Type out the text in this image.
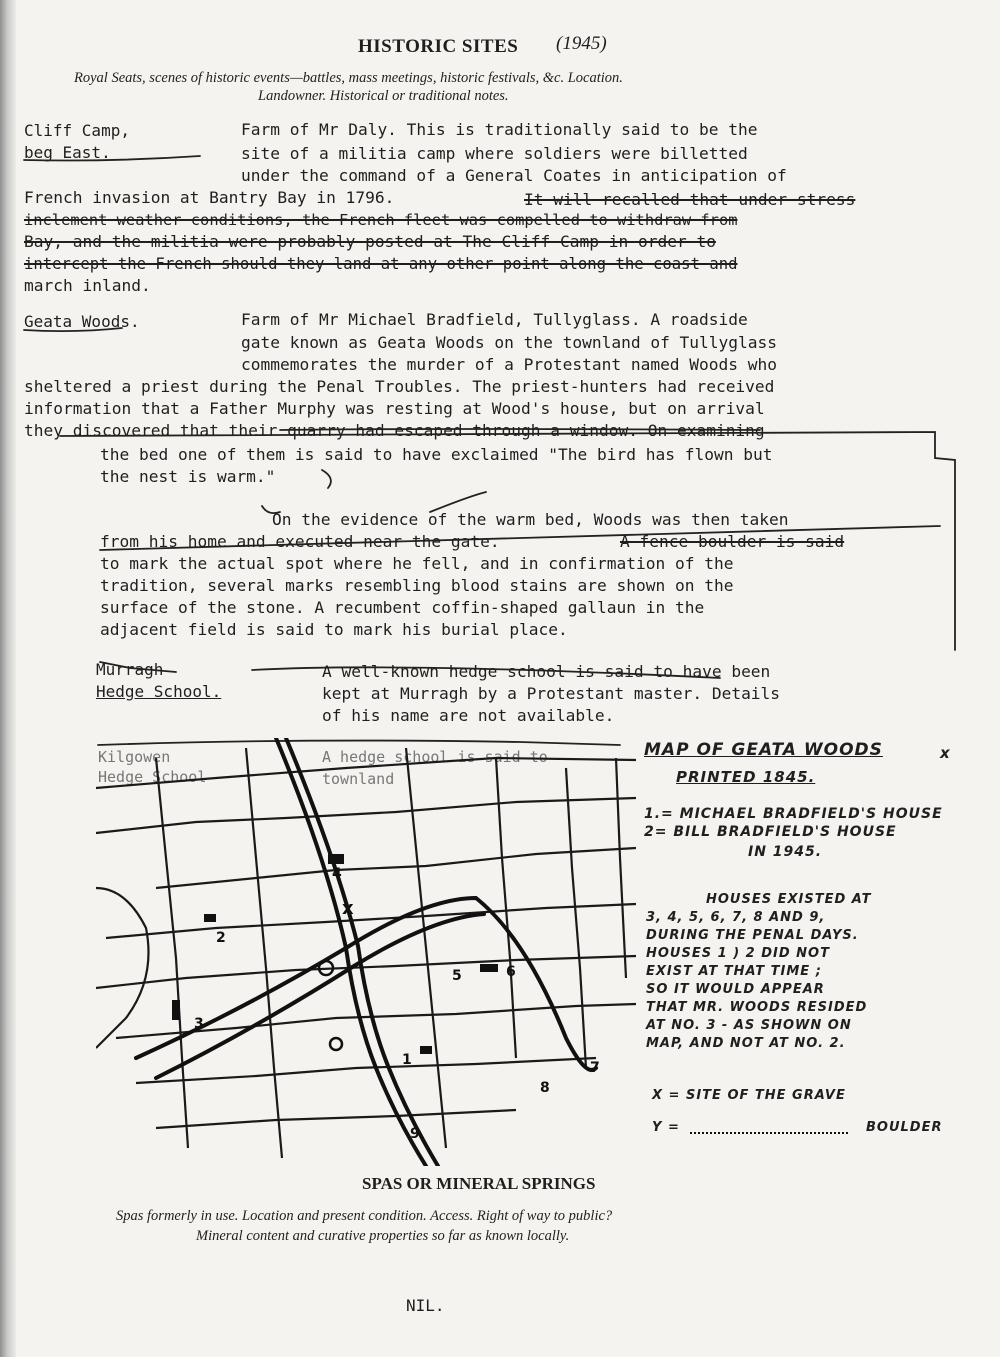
HISTORIC SITES (1945)
Royal Seats, scenes of historic events—battles, mass meetings, historic festivals, &c. Location.
Landowner. Historical or traditional notes.
Cliff Camp,
beg East.
Farm of Mr Daly. This is traditionally said to be the
site of a militia camp where soldiers were billetted
under the command of a General Coates in anticipation of
French invasion at Bantry Bay in 1796.	It will recalled that under stress
inclement weather conditions, the French fleet was compelled to withdraw from
Bay, and the militia were probably posted at The Cliff Camp in order to
intercept the French should they land at any other point along the coast and
march inland.
Geata Woods.	Farm of Mr Michael Bradfield, Tullyglass. A roadside
gate known as Geata Woods on the townland of Tullyglass
commemorates the murder of a Protestant named Woods who
sheltered a priest during the Penal Troubles. The priest-hunters had received
information that a Father Murphy was resting at Wood's house, but on arrival
they discovered that their quarry had escaped through a window. On examining
the bed one of them is said to have exclaimed "The bird has flown but
the nest is warm."
On the evidence of the warm bed, Woods was then taken
from his home and executed near the gate.	A fence boulder is said
to mark the actual spot where he fell, and in confirmation of the
tradition, several marks resembling blood stains are shown on the
surface of the stone. A recumbent coffin-shaped gallaun in the
adjacent field is said to mark his burial place.
Murragh
Hedge School.
A well-known hedge school is said to have been
kept at Murragh by a Protestant master. Details
of his name are not available.
Kilgowen
Hedge School
A hedge school is said to
townland
1
2
3
4
5	6
7
8
9
x
MAP OF GEATA WOODS	x
PRINTED 1845.
1.= MICHAEL BRADFIELD'S HOUSE
2= BILL BRADFIELD'S HOUSE
IN 1945.
HOUSES EXISTED AT
3, 4, 5, 6, 7, 8 AND 9,
DURING THE PENAL DAYS.
HOUSES 1 ) 2 DID NOT
EXIST AT THAT TIME ;
SO IT WOULD APPEAR
THAT MR. WOODS RESIDED
AT NO. 3 - AS SHOWN ON
MAP, AND NOT AT NO. 2.
X = SITE OF THE GRAVE
Y =	BOULDER
SPAS OR MINERAL SPRINGS
Spas formerly in use. Location and present condition. Access. Right of way to public?
Mineral content and curative properties so far as known locally.
NIL.
